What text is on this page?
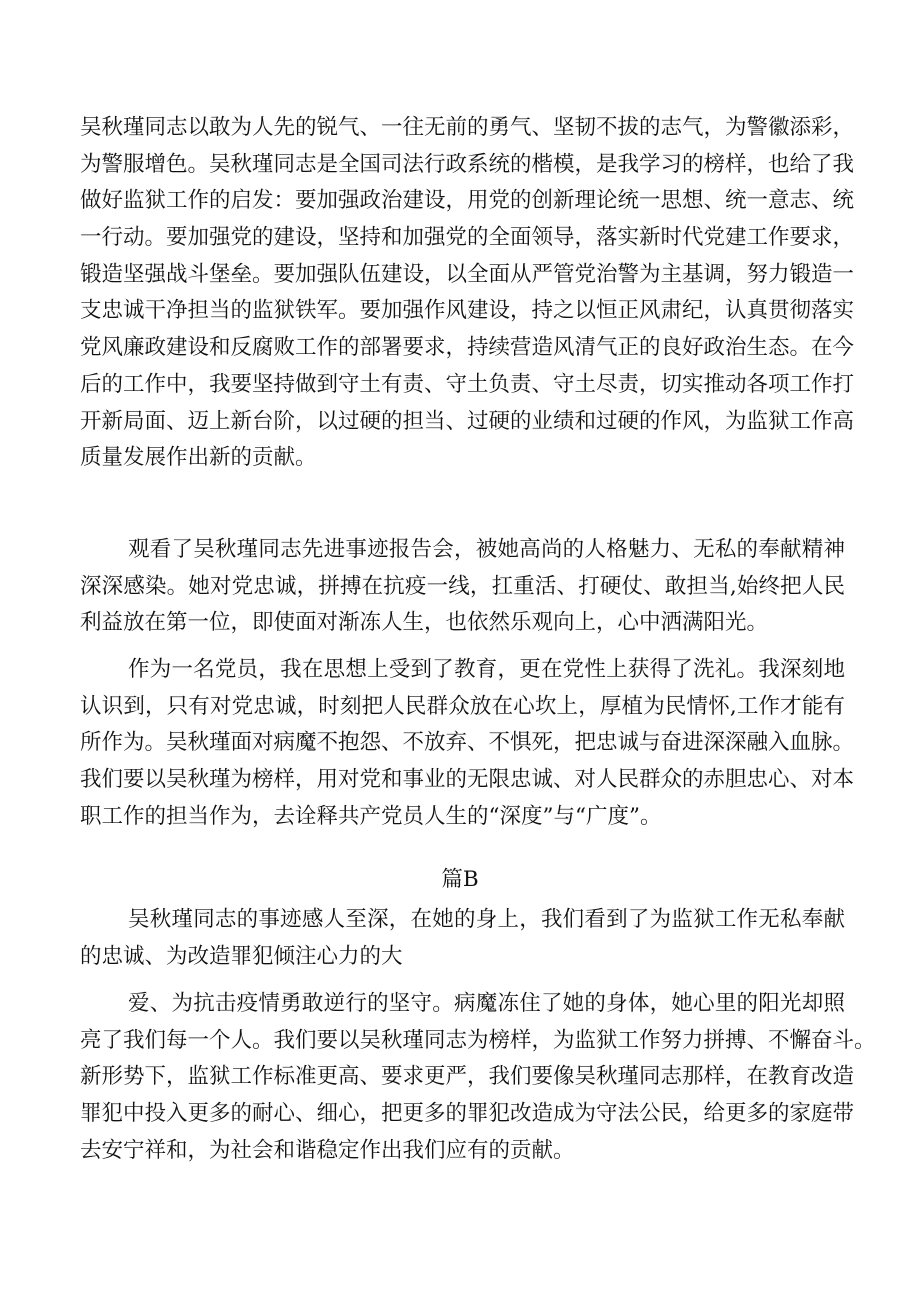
吴秋瑾同志以敢为人先的锐气、一往无前的勇气、坚韧不拔的志气，为警徽添彩，
为警服增色。吴秋瑾同志是全国司法行政系统的楷模，是我学习的榜样，也给了我
做好监狱工作的启发：要加强政治建设，用党的创新理论统一思想、统一意志、统
一行动。要加强党的建设，坚持和加强党的全面领导，落实新时代党建工作要求，
锻造坚强战斗堡垒。要加强队伍建设，以全面从严管党治警为主基调，努力锻造一
支忠诚干净担当的监狱铁军。要加强作风建设，持之以恒正风肃纪，认真贯彻落实
党风廉政建设和反腐败工作的部署要求，持续营造风清气正的良好政治生态。在今
后的工作中，我要坚持做到守土有责、守土负责、守土尽责，切实推动各项工作打
开新局面、迈上新台阶，以过硬的担当、过硬的业绩和过硬的作风，为监狱工作高
质量发展作出新的贡献。
观看了吴秋瑾同志先进事迹报告会，被她高尚的人格魅力、无私的奉献精神
深深感染。她对党忠诚，拼搏在抗疫一线，扛重活、打硬仗、敢担当,始终把人民
利益放在第一位，即使面对渐冻人生，也依然乐观向上，心中洒满阳光。
作为一名党员，我在思想上受到了教育，更在党性上获得了洗礼。我深刻地
认识到，只有对党忠诚，时刻把人民群众放在心坎上，厚植为民情怀,工作才能有
所作为。吴秋瑾面对病魔不抱怨、不放弃、不惧死，把忠诚与奋进深深融入血脉。
我们要以吴秋瑾为榜样，用对党和事业的无限忠诚、对人民群众的赤胆忠心、对本
职工作的担当作为，去诠释共产党员人生的“深度”与“广度”。
篇B
吴秋瑾同志的事迹感人至深，在她的身上，我们看到了为监狱工作无私奉献
的忠诚、为改造罪犯倾注心力的大
爱、为抗击疫情勇敢逆行的坚守。病魔冻住了她的身体，她心里的阳光却照
亮了我们每一个人。我们要以吴秋瑾同志为榜样，为监狱工作努力拼搏、不懈奋斗。
新形势下，监狱工作标准更高、要求更严，我们要像吴秋瑾同志那样，在教育改造
罪犯中投入更多的耐心、细心，把更多的罪犯改造成为守法公民，给更多的家庭带
去安宁祥和，为社会和谐稳定作出我们应有的贡献。
